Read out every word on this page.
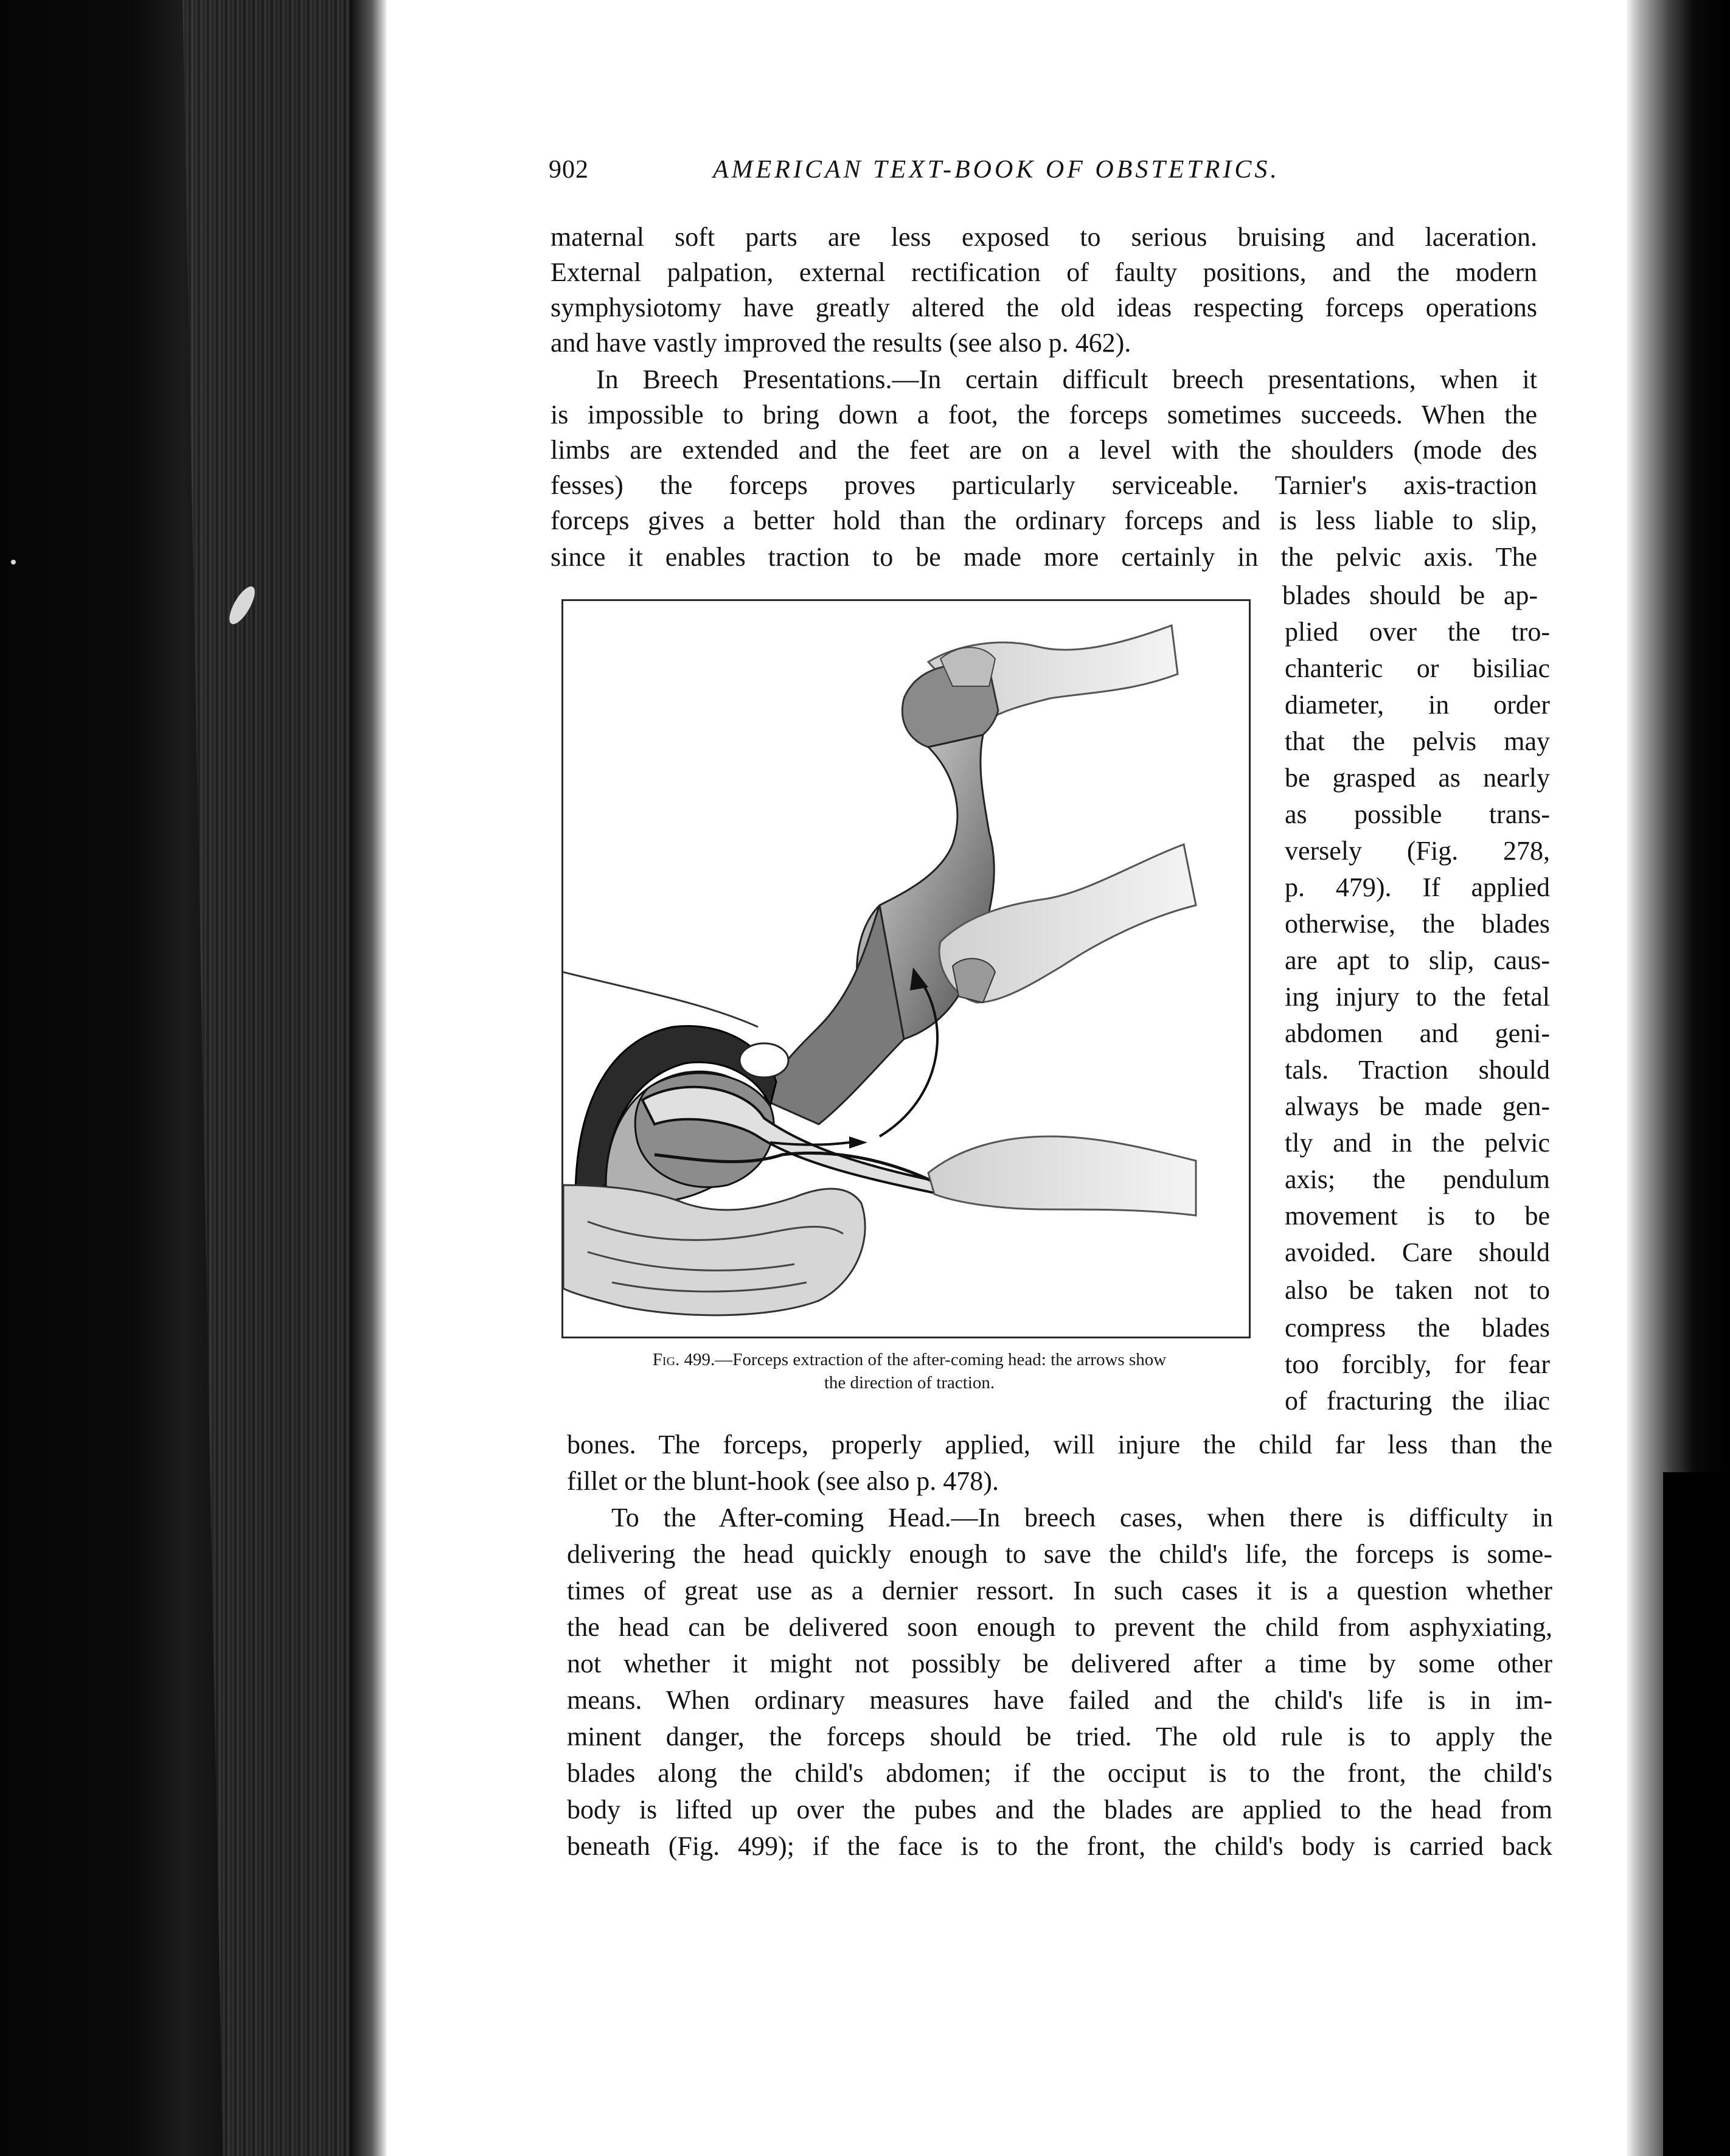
902	AMERICAN TEXT-BOOK OF OBSTETRICS.
maternal soft parts are less exposed to serious bruising and laceration.
External palpation, external rectification of faulty positions, and the modern
symphysiotomy have greatly altered the old ideas respecting forceps operations
and have vastly improved the results (see also p. 462).
In Breech Presentations.—In certain difficult breech presentations, when it
is impossible to bring down a foot, the forceps sometimes succeeds. When the
limbs are extended and the feet are on a level with the shoulders (mode des
fesses) the forceps proves particularly serviceable. Tarnier's axis-traction
forceps gives a better hold than the ordinary forceps and is less liable to slip,
since it enables traction to be made more certainly in the pelvic axis. The
Fig. 499.—Forceps extraction of the after-coming head: the arrows show
the direction of traction.
blades should be ap-
plied over the tro-
chanteric or bisiliac
diameter, in order
that the pelvis may
be grasped as nearly
as possible trans-
versely (Fig. 278,
p. 479). If applied
otherwise, the blades
are apt to slip, caus-
ing injury to the fetal
abdomen and geni-
tals. Traction should
always be made gen-
tly and in the pelvic
axis; the pendulum
movement is to be
avoided. Care should
also be taken not to
compress the blades
too forcibly, for fear
of fracturing the iliac
bones. The forceps, properly applied, will injure the child far less than the
fillet or the blunt-hook (see also p. 478).
To the After-coming Head.—In breech cases, when there is difficulty in
delivering the head quickly enough to save the child's life, the forceps is some-
times of great use as a dernier ressort. In such cases it is a question whether
the head can be delivered soon enough to prevent the child from asphyxiating,
not whether it might not possibly be delivered after a time by some other
means. When ordinary measures have failed and the child's life is in im-
minent danger, the forceps should be tried. The old rule is to apply the
blades along the child's abdomen; if the occiput is to the front, the child's
body is lifted up over the pubes and the blades are applied to the head from
beneath (Fig. 499); if the face is to the front, the child's body is carried back
